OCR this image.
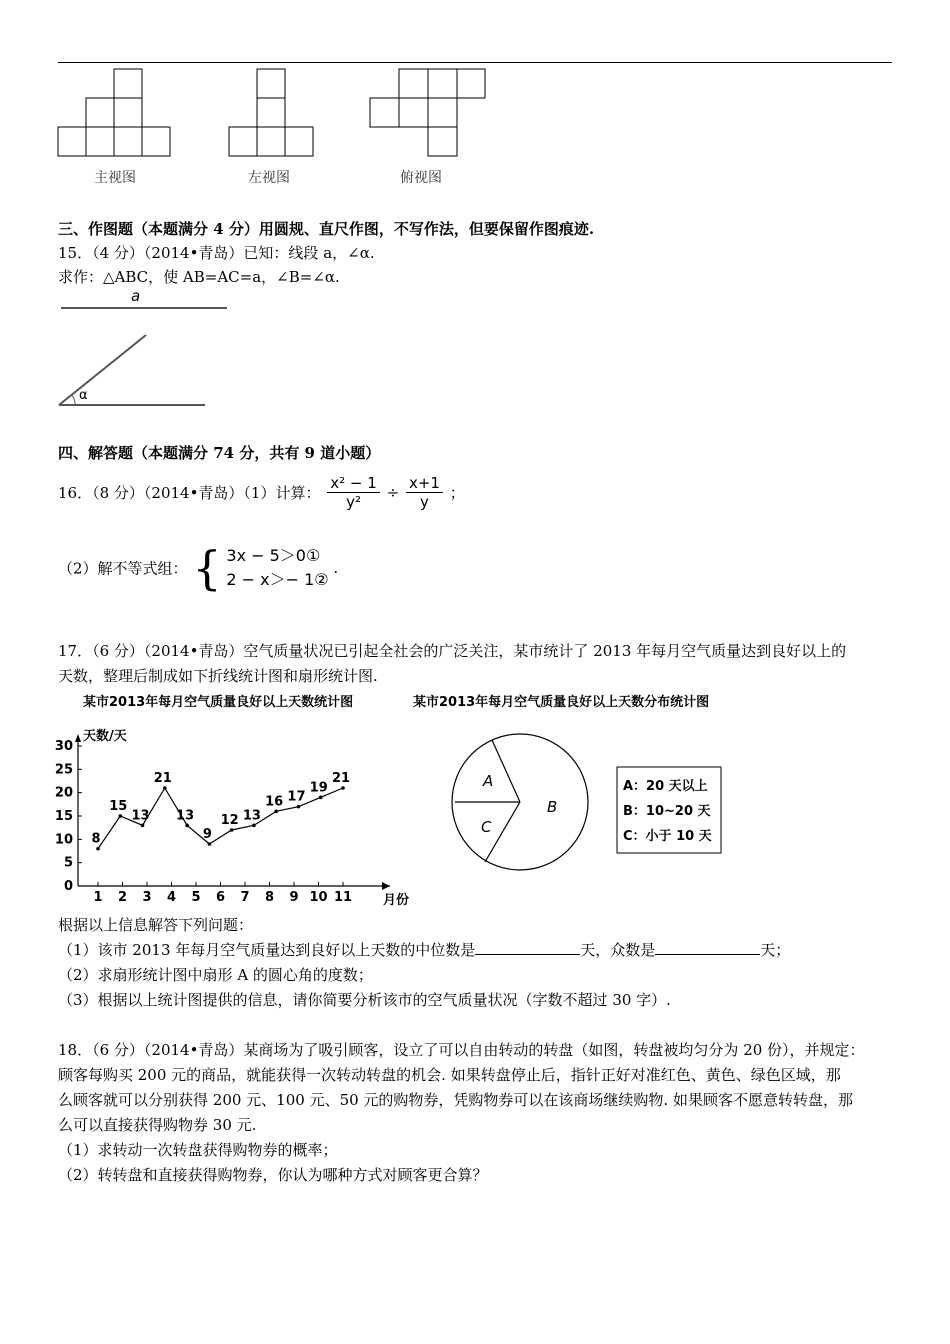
主视图	左视图	俯视图
三、作图题（本题满分 4 分）用圆规、直尺作图，不写作法，但要保留作图痕迹.
15．（4 分）（2014•青岛）已知：线段 a，∠α.
求作：△ABC，使 AB=AC=a，∠B=∠α.
a
α
四、解答题（本题满分 74 分，共有 9 道小题）
16．（8 分）（2014•青岛）（1）计算： $\frac{\text{x² − 1}}{\text{y²}} \div \frac{x+1}{y}$ ；
（2）解不等式组： { 3x − 5＞0①
2 − x＞− 1②
.
17．（6 分）（2014•青岛）空气质量状况已引起全社会的广泛关注，某市统计了 2013 年每月空气质量达到良好以上的
天数，整理后制成如下折线统计图和扇形统计图.
某市2013年每月空气质量良好以上天数统计图
天数/天
月份
0
5
10
15
20
25
30
1 2 3 4 5 6 7 8 9 10 11
8
15
13
21
13
9
12 13
16 17
19
21
某市2013年每月空气质量良好以上天数分布统计图
A
B
C
A：20 天以上
B：10~20 天
C：小于 10 天
根据以上信息解答下列问题：
（1）该市 2013 年每月空气质量达到良好以上天数的中位数是	天，众数是	天；
（2）求扇形统计图中扇形 A 的圆心角的度数；
（3）根据以上统计图提供的信息，请你简要分析该市的空气质量状况（字数不超过 30 字）.
18．（6 分）（2014•青岛）某商场为了吸引顾客，设立了可以自由转动的转盘（如图，转盘被均匀分为 20 份），并规定：
顾客每购买 200 元的商品，就能获得一次转动转盘的机会. 如果转盘停止后，指针正好对准红色、黄色、绿色区域，那
么顾客就可以分别获得 200 元、100 元、50 元的购物券，凭购物券可以在该商场继续购物. 如果顾客不愿意转转盘，那
么可以直接获得购物券 30 元.
（1）求转动一次转盘获得购物券的概率；
（2）转转盘和直接获得购物券，你认为哪种方式对顾客更合算？
